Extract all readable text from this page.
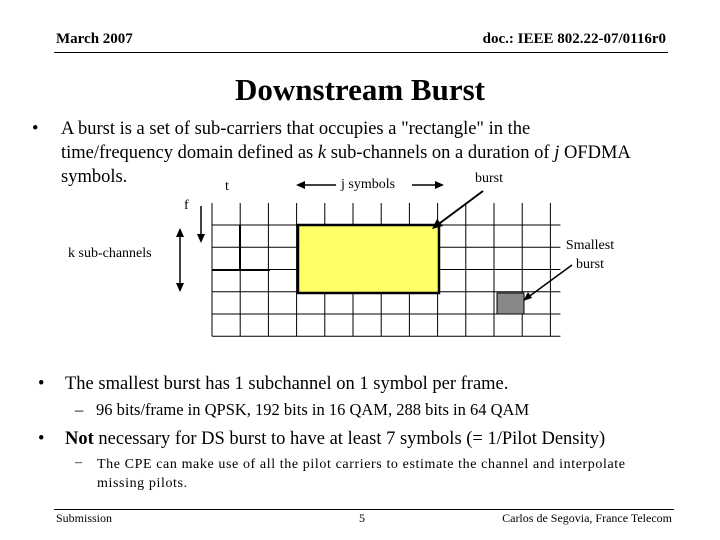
March 2007	doc.: IEEE 802.22-07/0116r0
Downstream Burst
• A burst is a set of sub-carriers that occupies a "rectangle" in the
time/frequency domain defined as k sub-channels on a duration of j OFDMA
symbols.	t	j symbols	burst
f
k sub-channels
Smallest
burst
• The smallest burst has 1 subchannel on 1 symbol per frame.
– 96 bits/frame in QPSK, 192 bits in 16 QAM, 288 bits in 64 QAM
• Not necessary for DS burst to have at least 7 symbols (= 1/Pilot Density)
– The CPE can make use of all the pilot carriers to estimate the channel and interpolate
missing pilots.
Submission	5	Carlos de Segovia, France Telecom
